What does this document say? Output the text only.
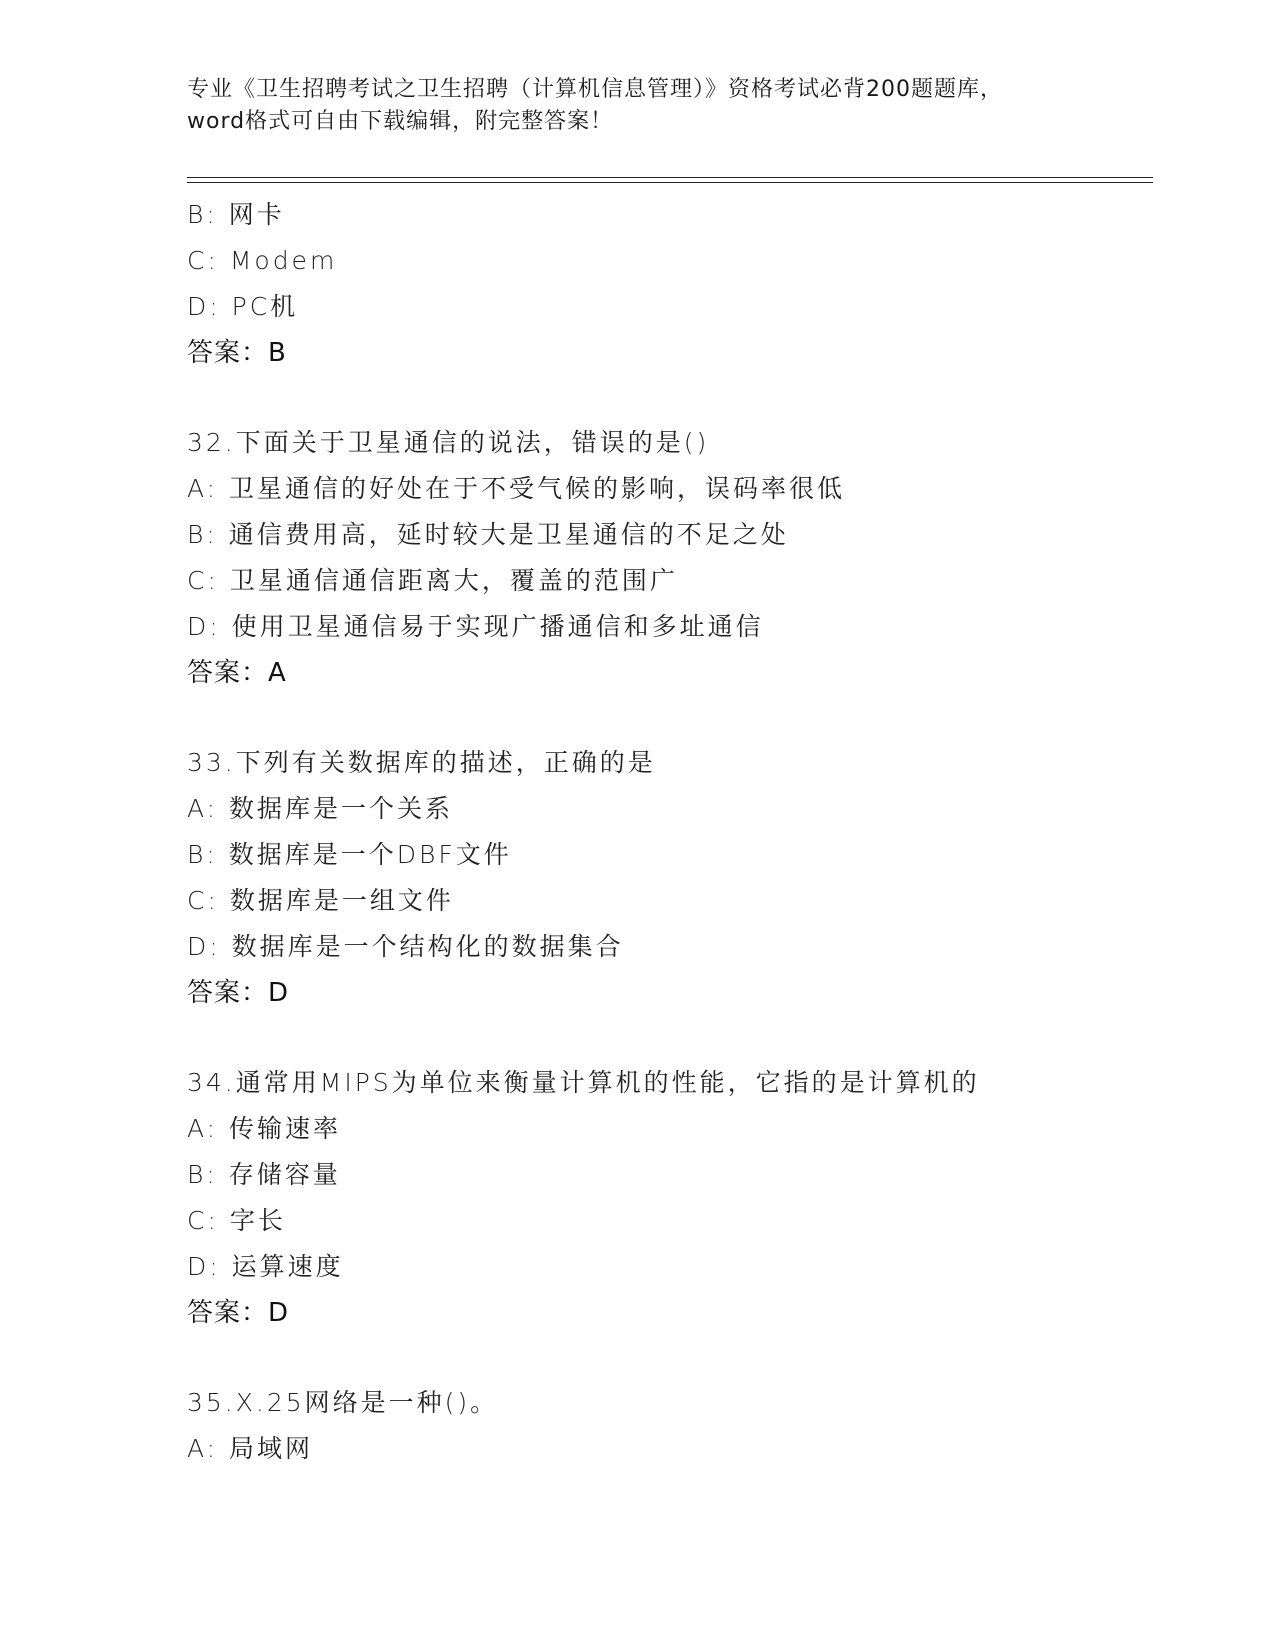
专业《卫生招聘考试之卫生招聘（计算机信息管理）》资格考试必背200题题库，
word格式可自由下载编辑，附完整答案！
B: 网卡
C: Modem
D: PC机
答案：B
32.下面关于卫星通信的说法，错误的是()
A: 卫星通信的好处在于不受气候的影响，误码率很低
B: 通信费用高，延时较大是卫星通信的不足之处
C: 卫星通信通信距离大，覆盖的范围广
D: 使用卫星通信易于实现广播通信和多址通信
答案：A
33.下列有关数据库的描述，正确的是
A: 数据库是一个关系
B: 数据库是一个DBF文件
C: 数据库是一组文件
D: 数据库是一个结构化的数据集合
答案：D
34.通常用MIPS为单位来衡量计算机的性能，它指的是计算机的
A: 传输速率
B: 存储容量
C: 字长
D: 运算速度
答案：D
35.X.25网络是一种()。
A: 局域网
